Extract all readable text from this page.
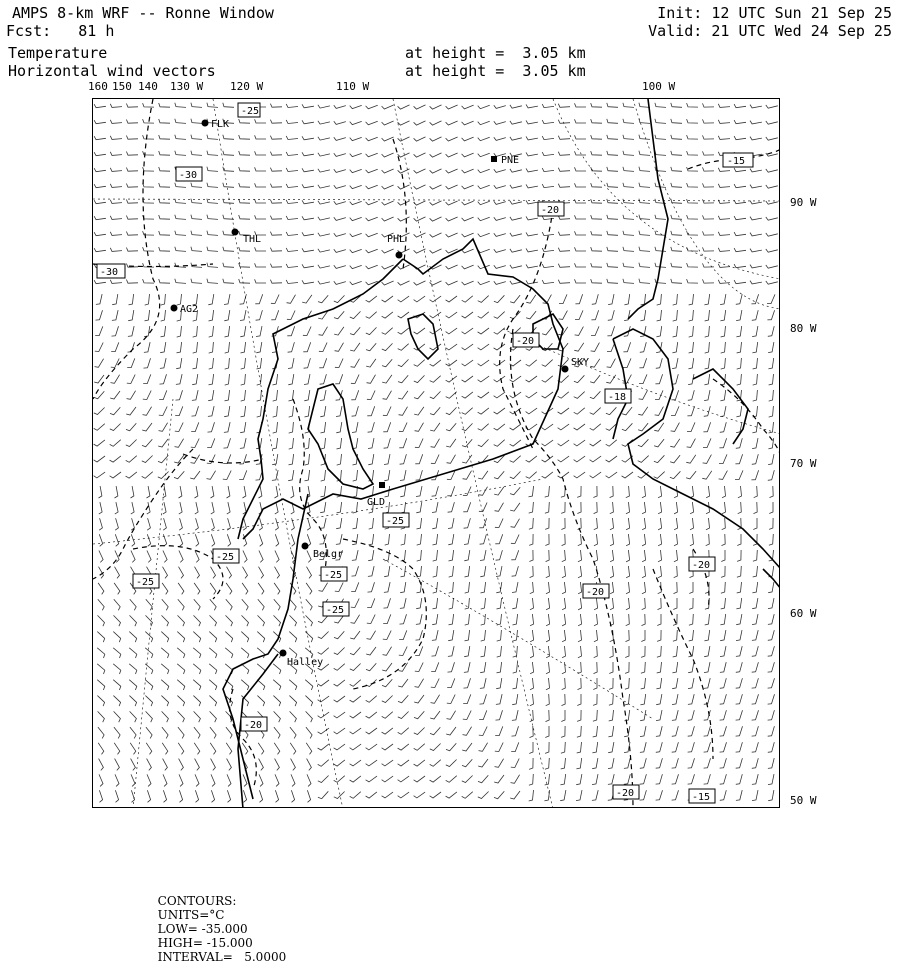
AMPS 8-km WRF -- Ronne Window
Fcst:   81 h
Temperature
Horizontal wind vectors
at height =  3.05 km
at height =  3.05 km
Init: 12 UTC Sun 21 Sep 25
Valid: 21 UTC Wed 24 Sep 25
160 150 140 130 W 120 W	110 W	100 W
90 W
80 W
70 W
60 W
50 W
-25
-30
-30
-20
-20
-18
-15
-25
-25
-25
-25
-25
-20
-20
-20	-15
-20
FLK
PNE
THL	PHL
AG2
SKY
GLD
Belgr
Halley

CONTOURS:
UNITS=°C
LOW= -35.000
HIGH= -15.000
INTERVAL=   5.0000
